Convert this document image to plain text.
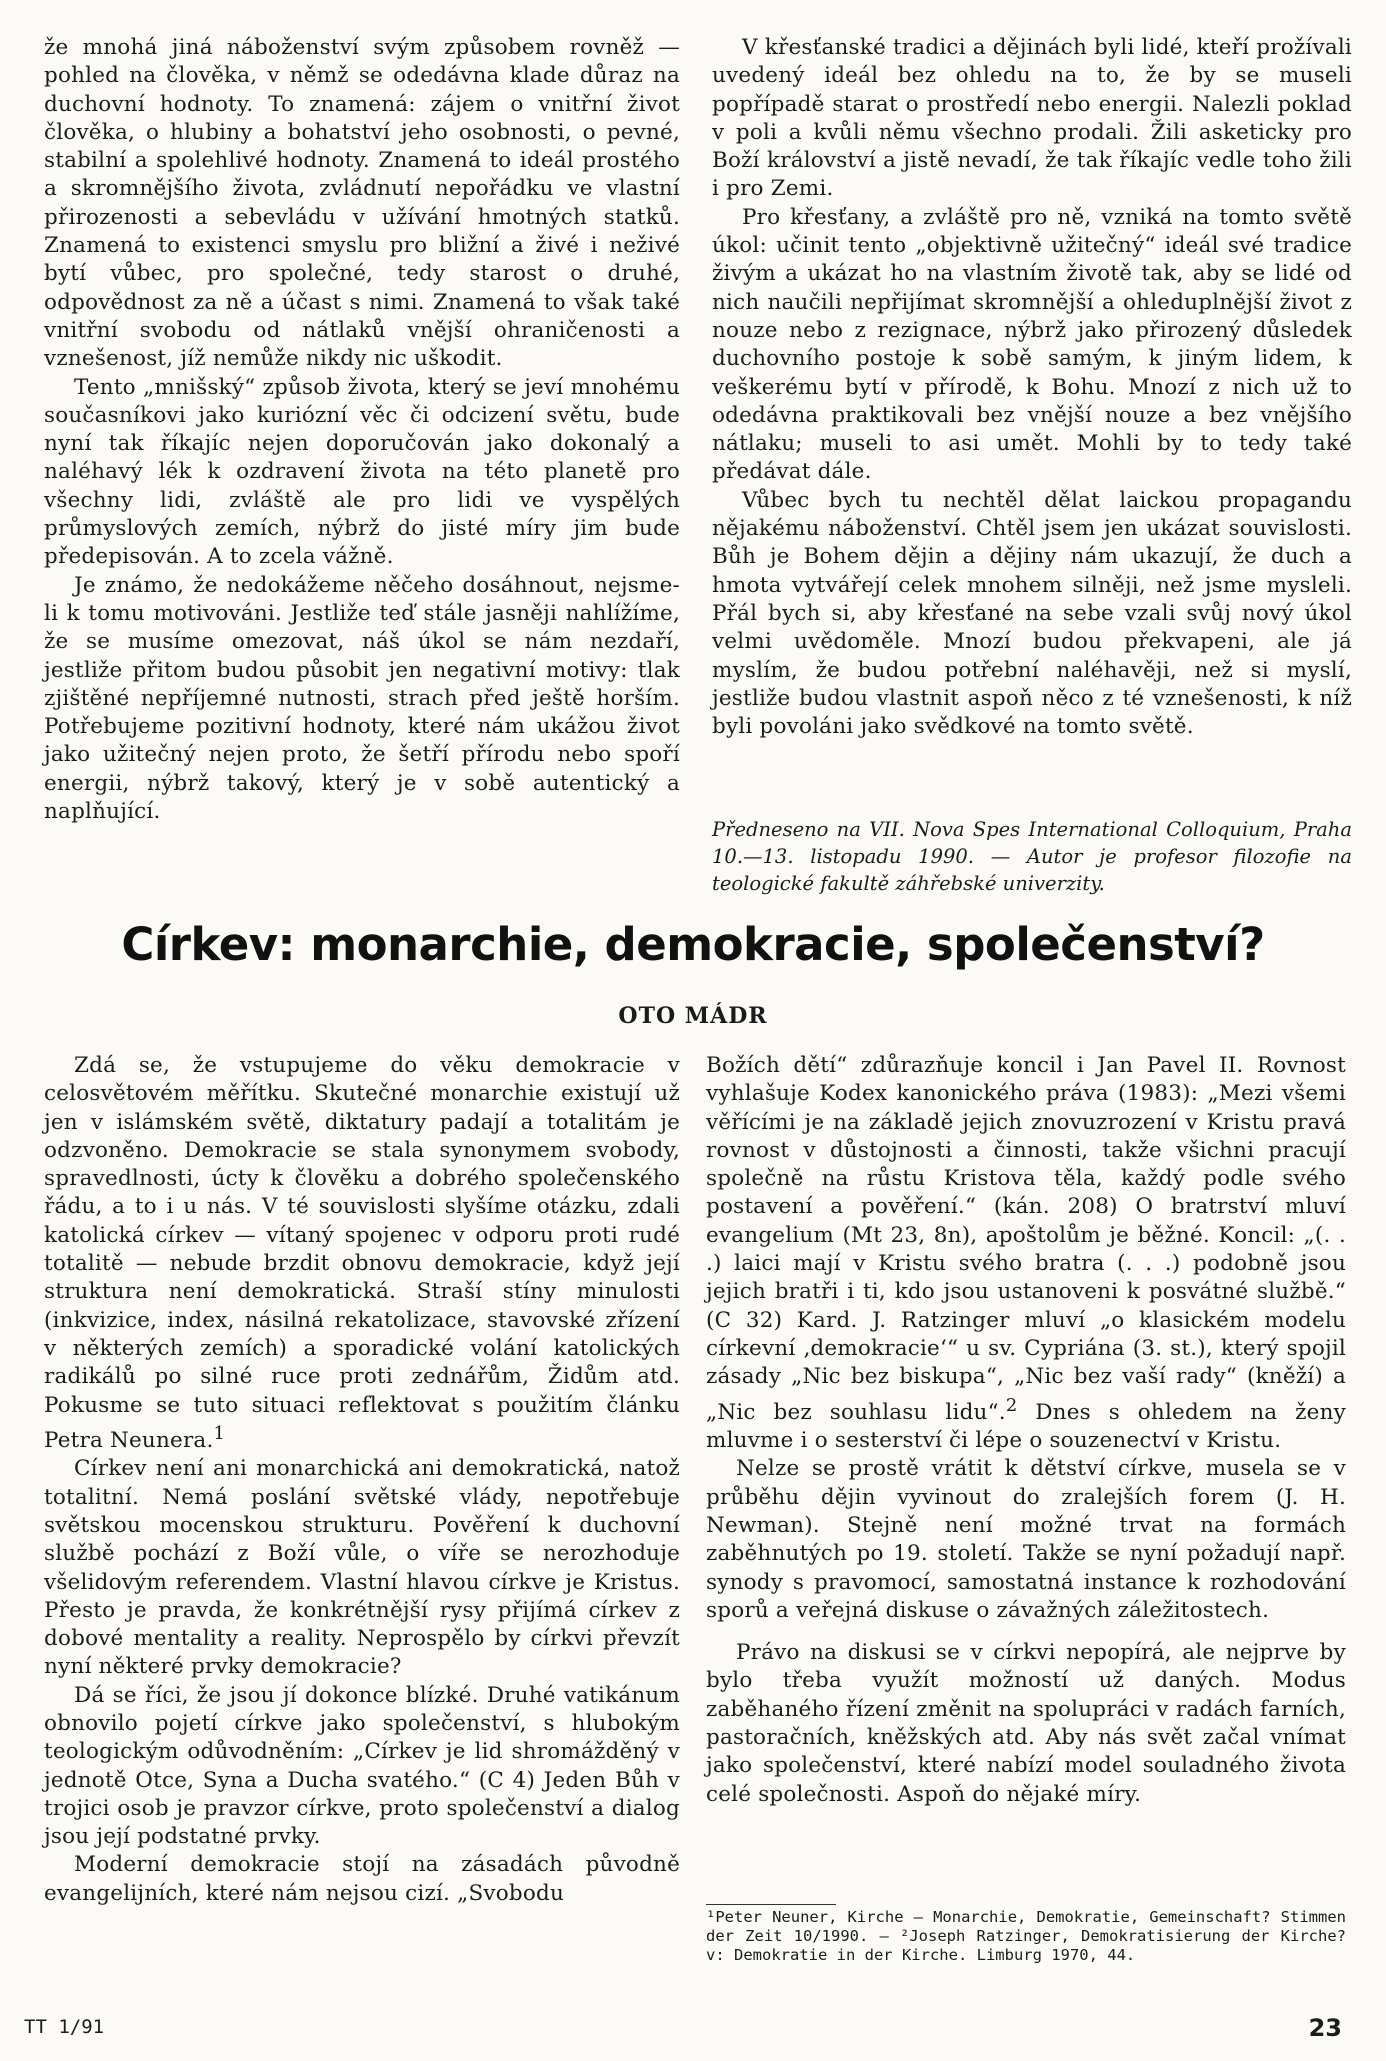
že mnohá jiná náboženství svým způsobem rovněž — pohled na člověka, v němž se odedávna klade důraz na duchovní hodnoty. To znamená: zájem o vnitřní život člověka, o hlubiny a bohatství jeho osobnosti, o pevné, stabilní a spolehlivé hodnoty. Znamená to ideál prostého a skromnějšího života, zvládnutí nepořádku ve vlastní přirozenosti a sebevládu v užívání hmotných statků. Znamená to existenci smyslu pro bližní a živé i neživé bytí vůbec, pro společné, tedy starost o druhé, odpovědnost za ně a účast s nimi. Znamená to však také vnitřní svobodu od nátlaků vnější ohraničenosti a vznešenost, jíž nemůže nikdy nic uškodit.

Tento „mnišský“ způsob života, který se jeví mnohému současníkovi jako kuriózní věc či odcizení světu, bude nyní tak říkajíc nejen doporučován jako dokonalý a naléhavý lék k ozdravení života na této planetě pro všechny lidi, zvláště ale pro lidi ve vyspělých průmyslových zemích, nýbrž do jisté míry jim bude předepisován. A to zcela vážně.

Je známo, že nedokážeme něčeho dosáhnout, nejsme-li k tomu motivováni. Jestliže teď stále jasněji nahlížíme, že se musíme omezovat, náš úkol se nám nezdaří, jestliže přitom budou působit jen negativní motivy: tlak zjištěné nepříjemné nutnosti, strach před ještě horším. Potřebujeme pozitivní hodnoty, které nám ukážou život jako užitečný nejen proto, že šetří přírodu nebo spoří energii, nýbrž takový, který je v sobě autentický a naplňující.

V křesťanské tradici a dějinách byli lidé, kteří prožívali uvedený ideál bez ohledu na to, že by se museli popřípadě starat o prostředí nebo energii. Nalezli poklad v poli a kvůli němu všechno prodali. Žili asketicky pro Boží království a jistě nevadí, že tak říkajíc vedle toho žili i pro Zemi.

Pro křesťany, a zvláště pro ně, vzniká na tomto světě úkol: učinit tento „objektivně užitečný“ ideál své tradice živým a ukázat ho na vlastním životě tak, aby se lidé od nich naučili nepřijímat skromnější a ohleduplnější život z nouze nebo z rezignace, nýbrž jako přirozený důsledek duchovního postoje k sobě samým, k jiným lidem, k veškerému bytí v přírodě, k Bohu. Mnozí z nich už to odedávna praktikovali bez vnější nouze a bez vnějšího nátlaku; museli to asi umět. Mohli by to tedy také předávat dále.

Vůbec bych tu nechtěl dělat laickou propagandu nějakému náboženství. Chtěl jsem jen ukázat souvislosti. Bůh je Bohem dějin a dějiny nám ukazují, že duch a hmota vytvářejí celek mnohem silněji, než jsme mysleli. Přál bych si, aby křesťané na sebe vzali svůj nový úkol velmi uvědoměle. Mnozí budou překvapeni, ale já myslím, že budou potřební naléhavěji, než si myslí, jestliže budou vlastnit aspoň něco z té vznešenosti, k níž byli povoláni jako svědkové na tomto světě.

Předneseno na VII. Nova Spes International Colloquium, Praha 10.—13. listopadu 1990. — Autor je profesor filozofie na teologické fakultě záhřebské univerzity.
Církev: monarchie, demokracie, společenství?
OTO MÁDR

Zdá se, že vstupujeme do věku demokracie v celosvětovém měřítku. Skutečné monarchie existují už jen v islámském světě, diktatury padají a totalitám je odzvoněno. Demokracie se stala synonymem svobody, spravedlnosti, úcty k člověku a dobrého společenského řádu, a to i u nás. V té souvislosti slyšíme otázku, zdali katolická církev — vítaný spojenec v odporu proti rudé totalitě — nebude brzdit obnovu demokracie, když její struktura není demokratická. Straší stíny minulosti (inkvizice, index, násilná rekatolizace, stavovské zřízení v některých zemích) a sporadické volání katolických radikálů po silné ruce proti zednářům, Židům atd. Pokusme se tuto situaci reflektovat s použitím článku Petra Neunera.$^1$

Církev není ani monarchická ani demokratická, natož totalitní. Nemá poslání světské vlády, nepotřebuje světskou mocenskou strukturu. Pověření k duchovní službě pochází z Boží vůle, o víře se nerozhoduje všelidovým referendem. Vlastní hlavou církve je Kristus. Přesto je pravda, že konkrétnější rysy přijímá církev z dobové mentality a reality. Neprospělo by církvi převzít nyní některé prvky demokracie?

Dá se říci, že jsou jí dokonce blízké. Druhé vatikánum obnovilo pojetí církve jako společenství, s hlubokým teologickým odůvodněním: „Církev je lid shromážděný v jednotě Otce, Syna a Ducha svatého.“ (C 4) Jeden Bůh v trojici osob je pravzor církve, proto společenství a dialog jsou její podstatné prvky.

Moderní demokracie stojí na zásadách původně evangelijních, které nám nejsou cizí. „Svobodu

Božích dětí“ zdůrazňuje koncil i Jan Pavel II. Rovnost vyhlašuje Kodex kanonického práva (1983): „Mezi všemi věřícími je na základě jejich znovuzrození v Kristu pravá rovnost v důstojnosti a činnosti, takže všichni pracují společně na růstu Kristova těla, každý podle svého postavení a pověření.“ (kán. 208) O bratrství mluví evangelium (Mt 23, 8n), apoštolům je běžné. Koncil: „(. . .) laici mají v Kristu svého bratra (. . .) podobně jsou jejich bratři i ti, kdo jsou ustanoveni k posvátné službě.“ (C 32) Kard. J. Ratzinger mluví „o klasickém modelu církevní ‚demokracie‘“ u sv. Cypriána (3. st.), který spojil zásady „Nic bez biskupa“, „Nic bez vaší rady“ (kněží) a „Nic bez souhlasu lidu“.$^2$ Dnes s ohledem na ženy mluvme i o sesterství či lépe o souzenectví v Kristu.

Nelze se prostě vrátit k dětství církve, musela se v průběhu dějin vyvinout do zralejších forem (J. H. Newman). Stejně není možné trvat na formách zaběhnutých po 19. století. Takže se nyní požadují např. synody s pravomocí, samostatná instance k rozhodování sporů a veřejná diskuse o závažných záležitostech.

Právo na diskusi se v církvi nepopírá, ale nejprve by bylo třeba využít možností už daných. Modus zaběhaného řízení změnit na spolupráci v radách farních, pastoračních, kněžských atd. Aby nás svět začal vnímat jako společenství, které nabízí model souladného života celé společnosti. Aspoň do nějaké míry.

¹Peter Neuner, Kirche — Monarchie, Demokratie, Gemeinschaft? Stimmen der Zeit 10/1990. — ²Joseph Ratzinger, Demokratisierung der Kirche? v: Demokratie in der Kirche. Limburg 1970, 44.
TT 1/91	23
